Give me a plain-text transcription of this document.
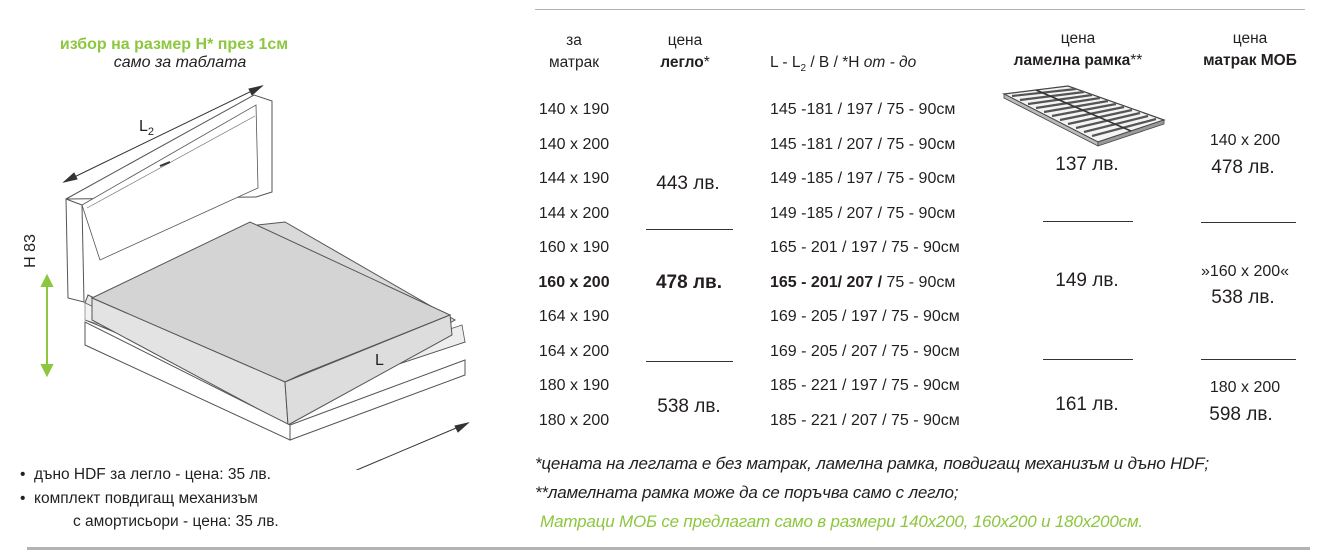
избор на размер Н* през 1см
само за таблата
$L_2$
H 83
L
•  дъно HDF за легло - цена: 35 лв.
•  комплект повдигащ механизъм
с амортисьори - цена: 35 лв.
за
матрак
цена
легло*	L - $L_2$ / B / *H от - до
цена
ламелна рамка**
цена
матрак МОБ
140 x 190
140 x 200
144 x 190
144 x 200
160 x 190
160 x 200
164 x 190
164 x 200
180 x 190
180 x 200
443 лв.
478 лв.
538 лв.
145 -181 / 197 / 75 - 90см
145 -181 / 207 / 75 - 90см
149 -185 / 197 / 75 - 90см
149 -185 / 207 / 75 - 90см
165 - 201 / 197 / 75 - 90см
165 - 201/ 207 / 75 - 90см
169 - 205 / 197 / 75 - 90см
169 - 205 / 207 / 75 - 90см
185 - 221 / 197 / 75 - 90см
185 - 221 / 207 / 75 - 90см
137 лв.
149 лв.
161 лв.
140 x 200
478 лв.
»160 x 200«
538 лв.
180 x 200
598 лв.
*цената на леглата е без матрак, ламелна рамка, повдигащ механизъм и дъно HDF;
**ламелната рамка може да се поръчва само с легло;
Матраци МОБ се предлагат само в размери 140x200, 160x200 и 180x200см.
